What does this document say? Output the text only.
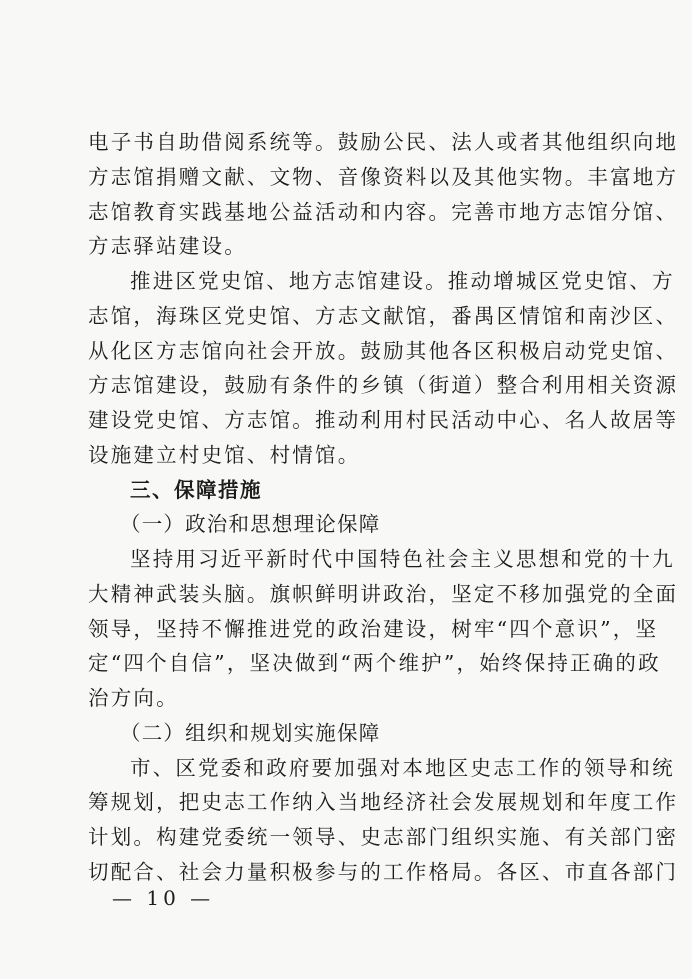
电子书自助借阅系统等。鼓励公民、法人或者其他组织向地
方志馆捐赠文献、文物、音像资料以及其他实物。丰富地方
志馆教育实践基地公益活动和内容。完善市地方志馆分馆、
方志驿站建设。
推进区党史馆、地方志馆建设。推动增城区党史馆、方
志馆，海珠区党史馆、方志文献馆，番禺区情馆和南沙区、
从化区方志馆向社会开放。鼓励其他各区积极启动党史馆、
方志馆建设，鼓励有条件的乡镇（街道）整合利用相关资源
建设党史馆、方志馆。推动利用村民活动中心、名人故居等
设施建立村史馆、村情馆。
三、保障措施
（一）政治和思想理论保障
坚持用习近平新时代中国特色社会主义思想和党的十九
大精神武装头脑。旗帜鲜明讲政治，坚定不移加强党的全面
领导，坚持不懈推进党的政治建设，树牢“四个意识”，坚
定“四个自信”，坚决做到“两个维护”，始终保持正确的政
治方向。
（二）组织和规划实施保障
市、区党委和政府要加强对本地区史志工作的领导和统
筹规划，把史志工作纳入当地经济社会发展规划和年度工作
计划。构建党委统一领导、史志部门组织实施、有关部门密
切配合、社会力量积极参与的工作格局。各区、市直各部门
— 10 —
